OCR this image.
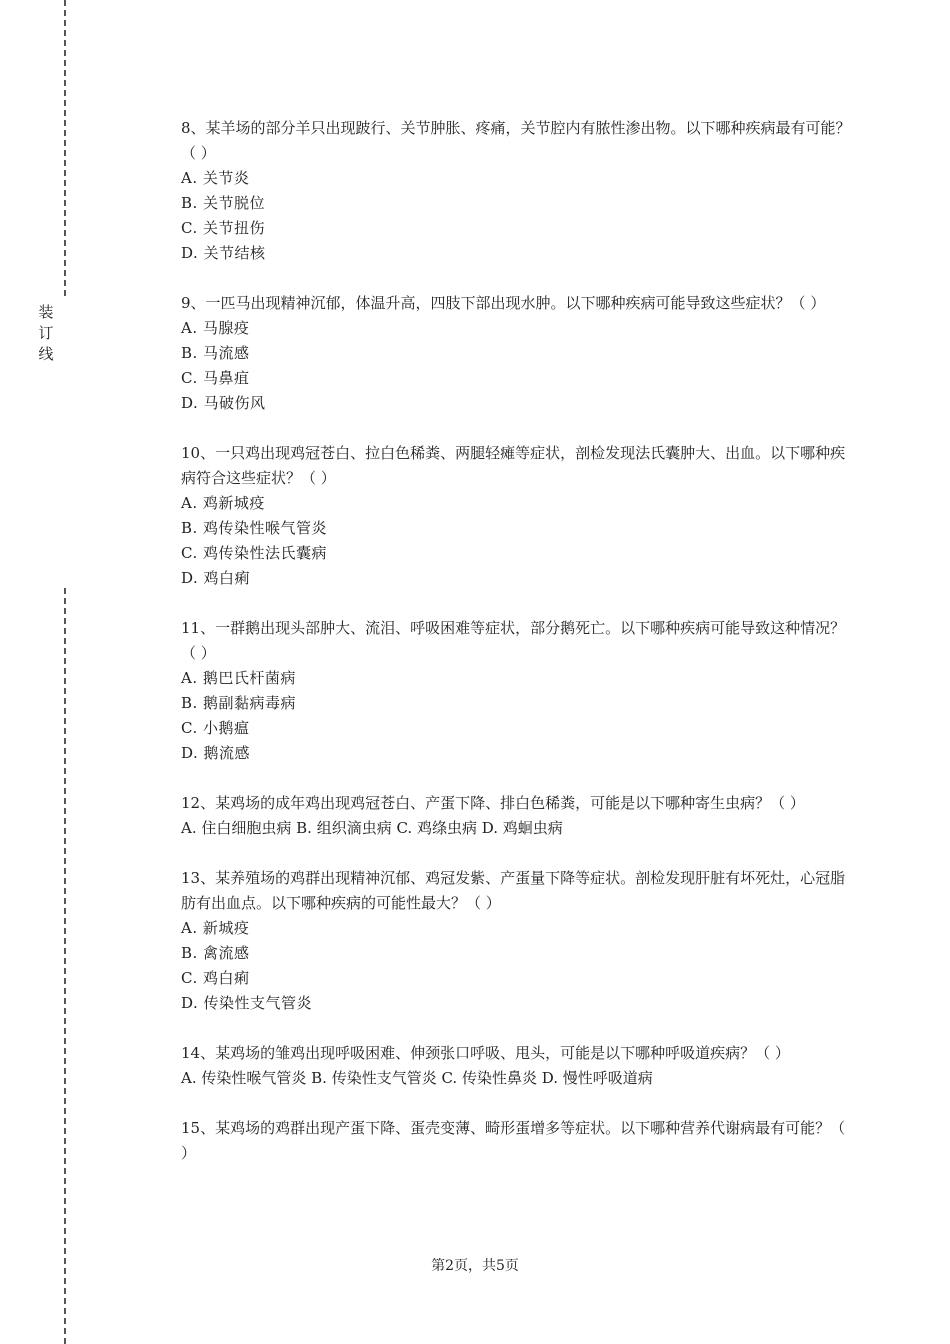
装
订
线
8、某羊场的部分羊只出现跛行、关节肿胀、疼痛，关节腔内有脓性渗出物。以下哪种疾病最有可能？（ ）
A. 关节炎
B. 关节脱位
C. 关节扭伤
D. 关节结核
9、一匹马出现精神沉郁，体温升高，四肢下部出现水肿。以下哪种疾病可能导致这些症状？（ ）
A. 马腺疫
B. 马流感
C. 马鼻疽
D. 马破伤风
10、一只鸡出现鸡冠苍白、拉白色稀粪、两腿轻瘫等症状，剖检发现法氏囊肿大、出血。以下哪种疾病符合这些症状？（ ）
A. 鸡新城疫
B. 鸡传染性喉气管炎
C. 鸡传染性法氏囊病
D. 鸡白痢
11、一群鹅出现头部肿大、流泪、呼吸困难等症状，部分鹅死亡。以下哪种疾病可能导致这种情况？（ ）
A. 鹅巴氏杆菌病
B. 鹅副黏病毒病
C. 小鹅瘟
D. 鹅流感
12、某鸡场的成年鸡出现鸡冠苍白、产蛋下降、排白色稀粪，可能是以下哪种寄生虫病？（ ）
A. 住白细胞虫病 B. 组织滴虫病 C. 鸡绦虫病 D. 鸡蛔虫病
13、某养殖场的鸡群出现精神沉郁、鸡冠发紫、产蛋量下降等症状。剖检发现肝脏有坏死灶，心冠脂肪有出血点。以下哪种疾病的可能性最大？（ ）
A. 新城疫
B. 禽流感
C. 鸡白痢
D. 传染性支气管炎
14、某鸡场的雏鸡出现呼吸困难、伸颈张口呼吸、甩头，可能是以下哪种呼吸道疾病？（ ）
A. 传染性喉气管炎 B. 传染性支气管炎 C. 传染性鼻炎 D. 慢性呼吸道病
15、某鸡场的鸡群出现产蛋下降、蛋壳变薄、畸形蛋增多等症状。以下哪种营养代谢病最有可能？（ ）
第2页，共5页
